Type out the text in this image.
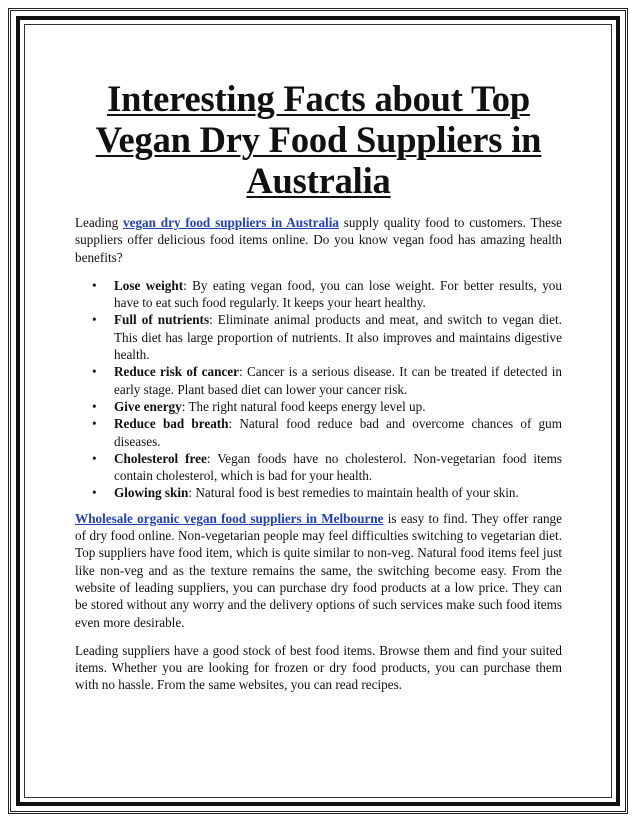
Interesting Facts about Top Vegan Dry Food Suppliers in Australia

Leading vegan dry food suppliers in Australia supply quality food to customers. These suppliers offer delicious food items online. Do you know vegan food has amazing health benefits?

• Lose weight: By eating vegan food, you can lose weight. For better results, you have to eat such food regularly. It keeps your heart healthy.
• Full of nutrients: Eliminate animal products and meat, and switch to vegan diet. This diet has large proportion of nutrients. It also improves and maintains digestive health.
• Reduce risk of cancer: Cancer is a serious disease. It can be treated if detected in early stage. Plant based diet can lower your cancer risk.
• Give energy: The right natural food keeps energy level up.
• Reduce bad breath: Natural food reduce bad and overcome chances of gum diseases.
• Cholesterol free: Vegan foods have no cholesterol. Non-vegetarian food items contain cholesterol, which is bad for your health.
• Glowing skin: Natural food is best remedies to maintain health of your skin.

Wholesale organic vegan food suppliers in Melbourne is easy to find. They offer range of dry food online. Non-vegetarian people may feel difficulties switching to vegetarian diet. Top suppliers have food item, which is quite similar to non-veg. Natural food items feel just like non-veg and as the texture remains the same, the switching become easy. From the website of leading suppliers, you can purchase dry food products at a low price. They can be stored without any worry and the delivery options of such services make such food items even more desirable.

Leading suppliers have a good stock of best food items. Browse them and find your suited items. Whether you are looking for frozen or dry food products, you can purchase them with no hassle. From the same websites, you can read recipes.
